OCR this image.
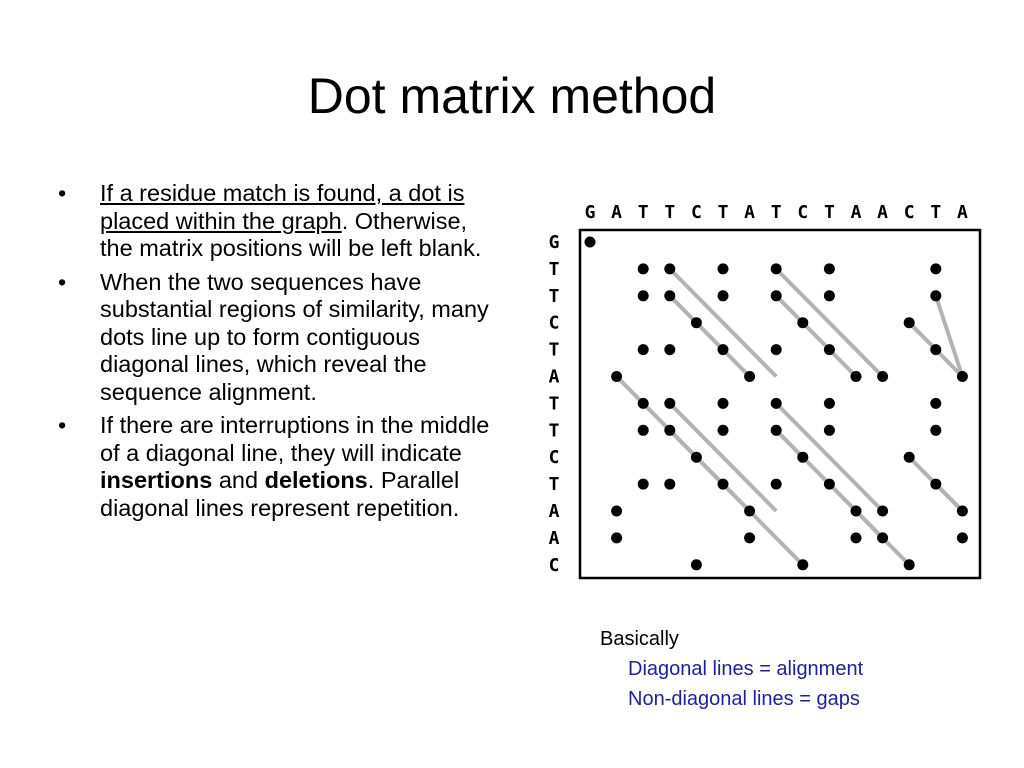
Dot matrix method
• If a residue match is found, a dot is placed within the graph. Otherwise, the matrix positions will be left blank.
• When the two sequences have substantial regions of similarity, many dots line up to form contiguous diagonal lines, which reveal the sequence alignment.
• If there are interruptions in the middle of a diagonal line, they will indicate insertions and deletions. Parallel diagonal lines represent repetition.
G A T T C T A T C T A A C T A
G
T
T
C
T
A
T
T
C
T
A
A
C
Basically
Diagonal lines = alignment
Non-diagonal lines = gaps
